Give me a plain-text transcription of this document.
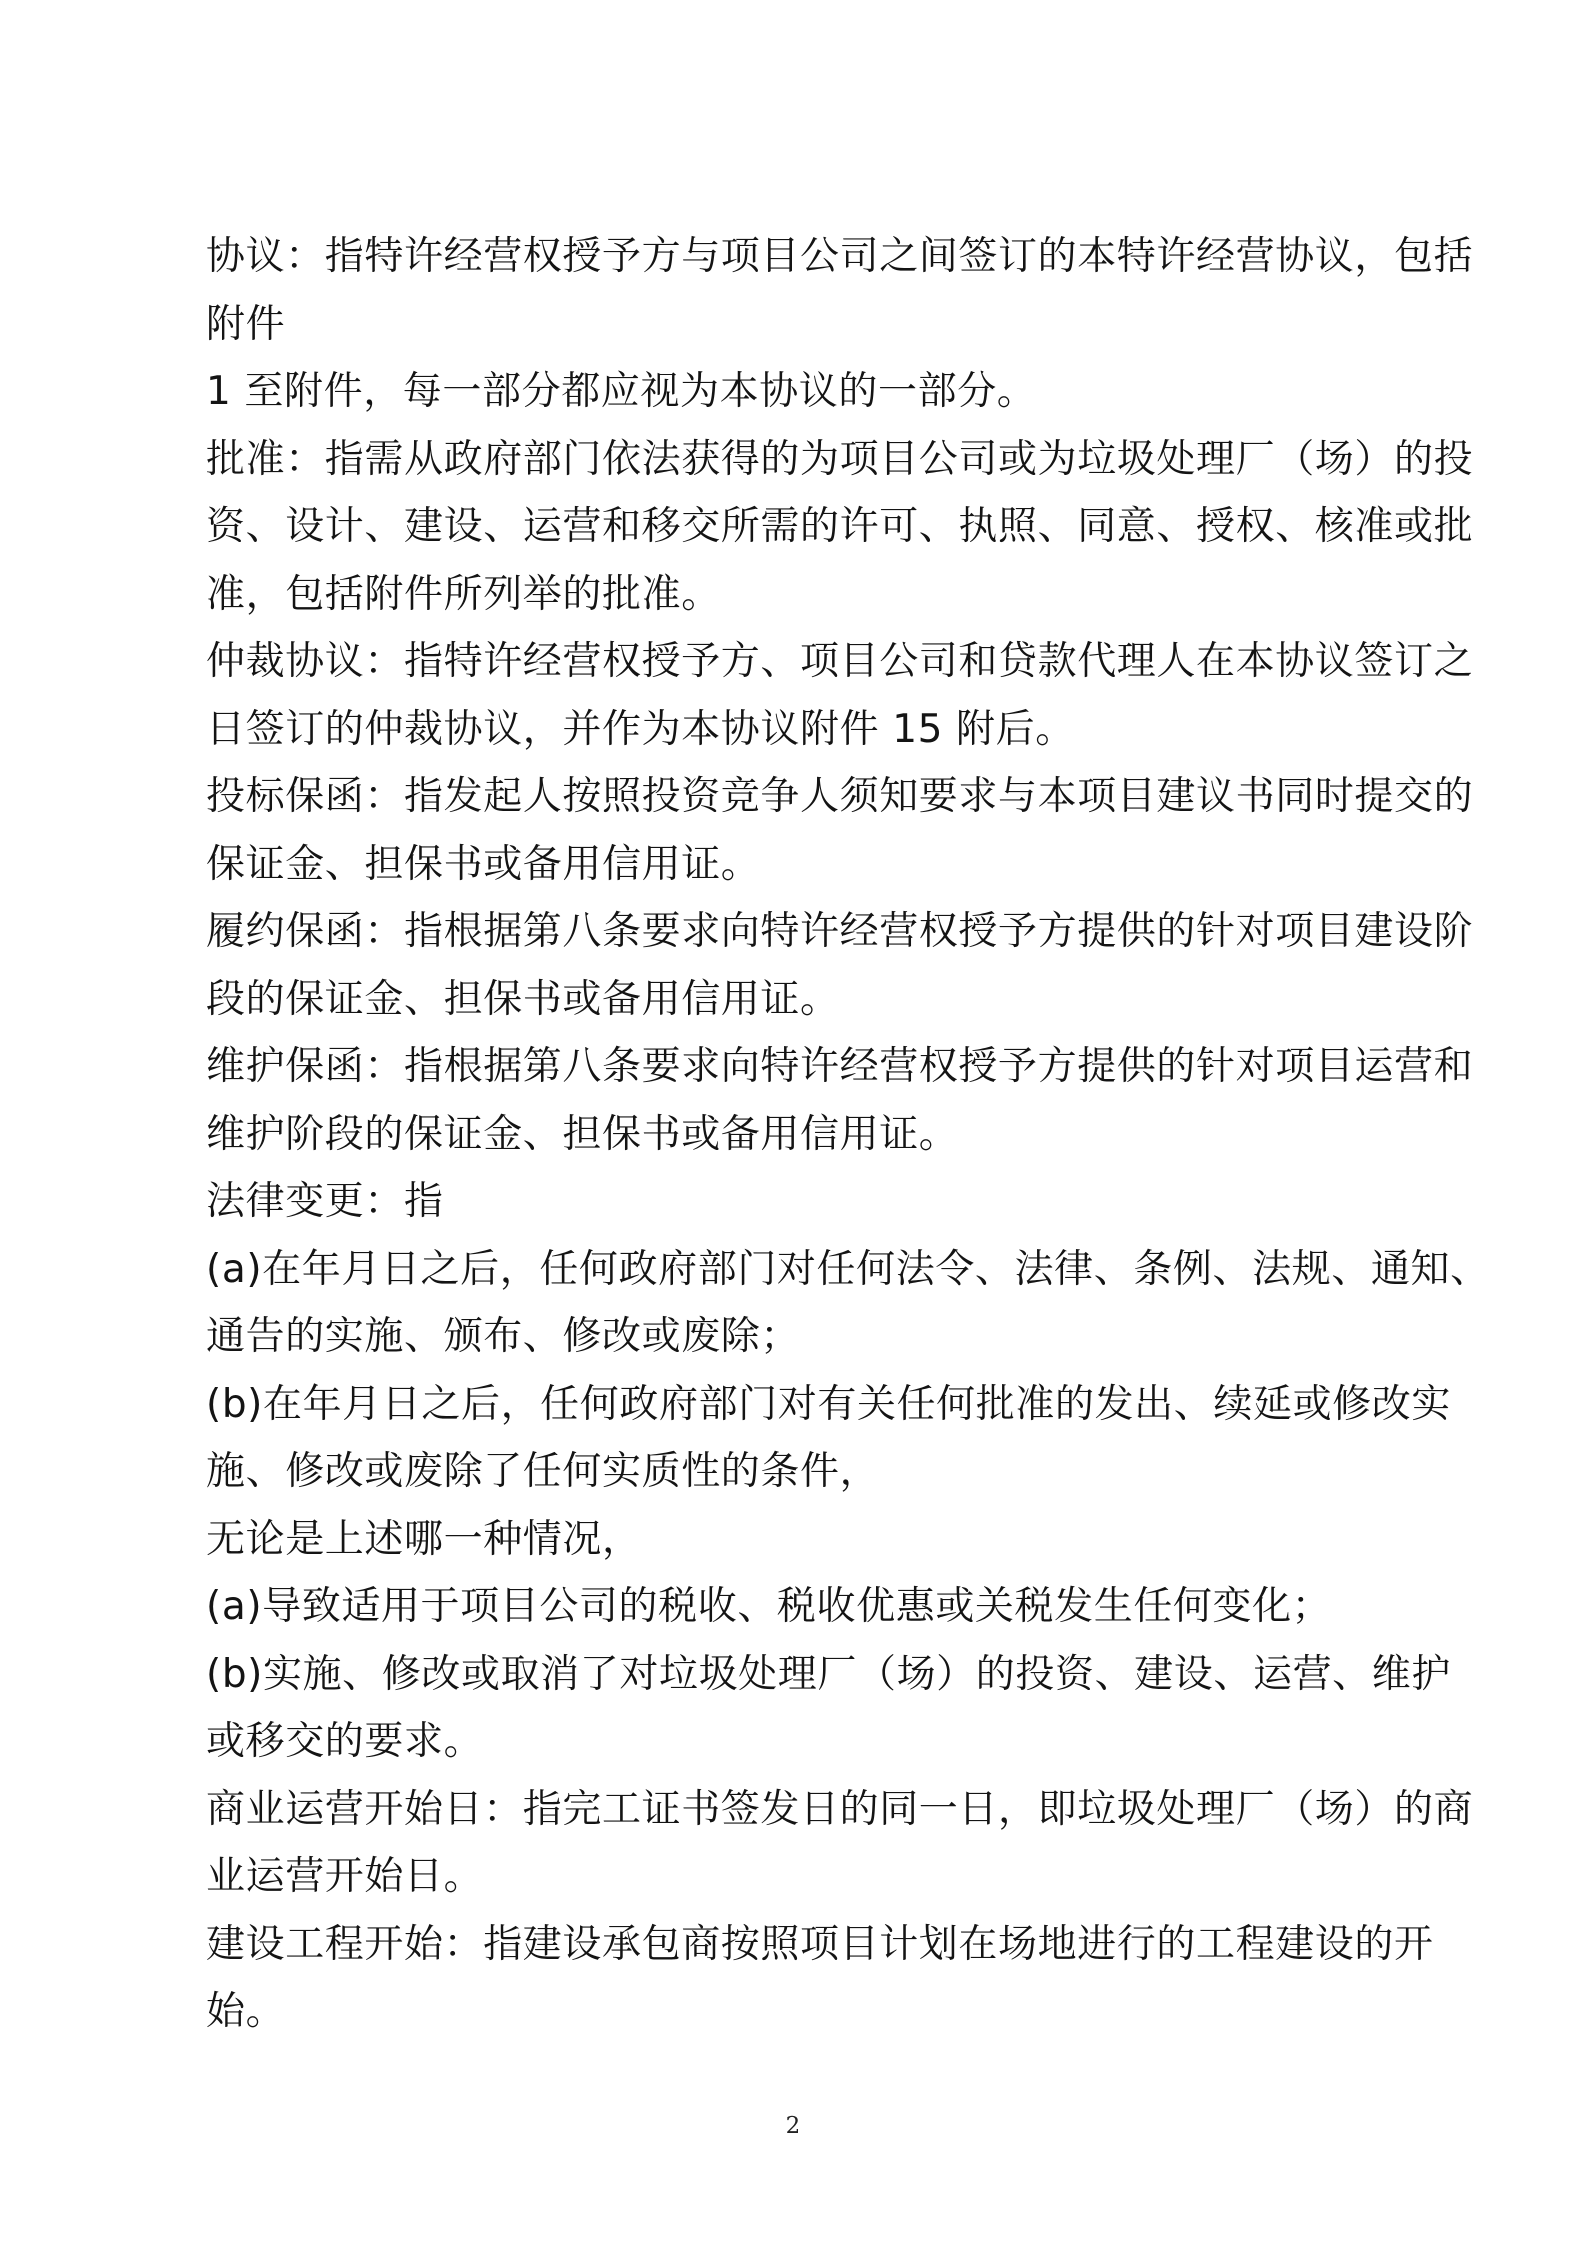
协议：指特许经营权授予方与项目公司之间签订的本特许经营协议，包括
附件
1 至附件，每一部分都应视为本协议的一部分。
批准：指需从政府部门依法获得的为项目公司或为垃圾处理厂（场）的投
资、设计、建设、运营和移交所需的许可、执照、同意、授权、核准或批
准，包括附件所列举的批准。
仲裁协议：指特许经营权授予方、项目公司和贷款代理人在本协议签订之
日签订的仲裁协议，并作为本协议附件 15 附后。
投标保函：指发起人按照投资竞争人须知要求与本项目建议书同时提交的
保证金、担保书或备用信用证。
履约保函：指根据第八条要求向特许经营权授予方提供的针对项目建设阶
段的保证金、担保书或备用信用证。
维护保函：指根据第八条要求向特许经营权授予方提供的针对项目运营和
维护阶段的保证金、担保书或备用信用证。
法律变更：指
(a)在年月日之后，任何政府部门对任何法令、法律、条例、法规、通知、
通告的实施、颁布、修改或废除；
(b)在年月日之后，任何政府部门对有关任何批准的发出、续延或修改实
施、修改或废除了任何实质性的条件，
无论是上述哪一种情况，
(a)导致适用于项目公司的税收、税收优惠或关税发生任何变化；
(b)实施、修改或取消了对垃圾处理厂（场）的投资、建设、运营、维护
或移交的要求。
商业运营开始日：指完工证书签发日的同一日，即垃圾处理厂（场）的商
业运营开始日。
建设工程开始：指建设承包商按照项目计划在场地进行的工程建设的开
始。
2
